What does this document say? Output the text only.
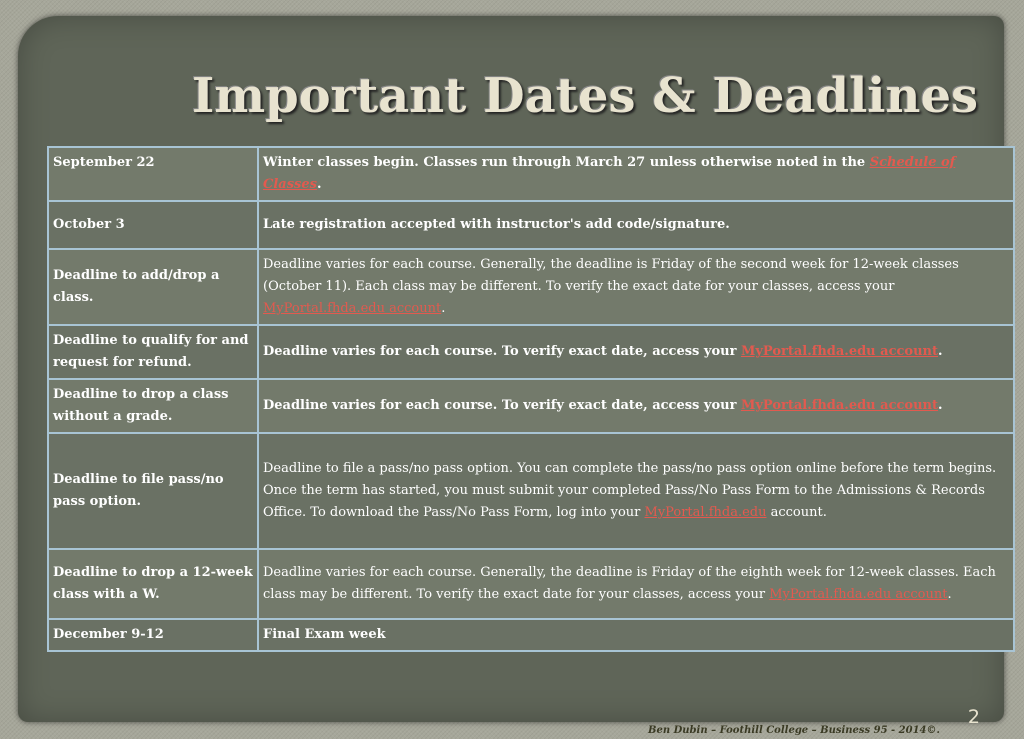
Important Dates & Deadlines
September 22	Winter classes begin. Classes run through March 27 unless otherwise noted in the Schedule of Classes.
October 3	Late registration accepted with instructor's add code/signature.
Deadline to add/drop a class.	Deadline varies for each course. Generally, the deadline is Friday of the second week for 12-week classes (October 11). Each class may be different. To verify the exact date for your classes, access your MyPortal.fhda.edu account.
Deadline to qualify for and request for refund.	Deadline varies for each course. To verify exact date, access your MyPortal.fhda.edu account.
Deadline to drop a class without a grade.	Deadline varies for each course. To verify exact date, access your MyPortal.fhda.edu account.
Deadline to file pass/no pass option.	Deadline to file a pass/no pass option. You can complete the pass/no pass option online before the term begins. Once the term has started, you must submit your completed Pass/No Pass Form to the Admissions & Records Office. To download the Pass/No Pass Form, log into your MyPortal.fhda.edu account.
Deadline to drop a 12-week class with a W.	Deadline varies for each course. Generally, the deadline is Friday of the eighth week for 12-week classes. Each class may be different. To verify the exact date for your classes, access your MyPortal.fhda.edu account.
December 9-12	Final Exam week
2
Ben Dubin – Foothill College – Business 95 - 2014©.
